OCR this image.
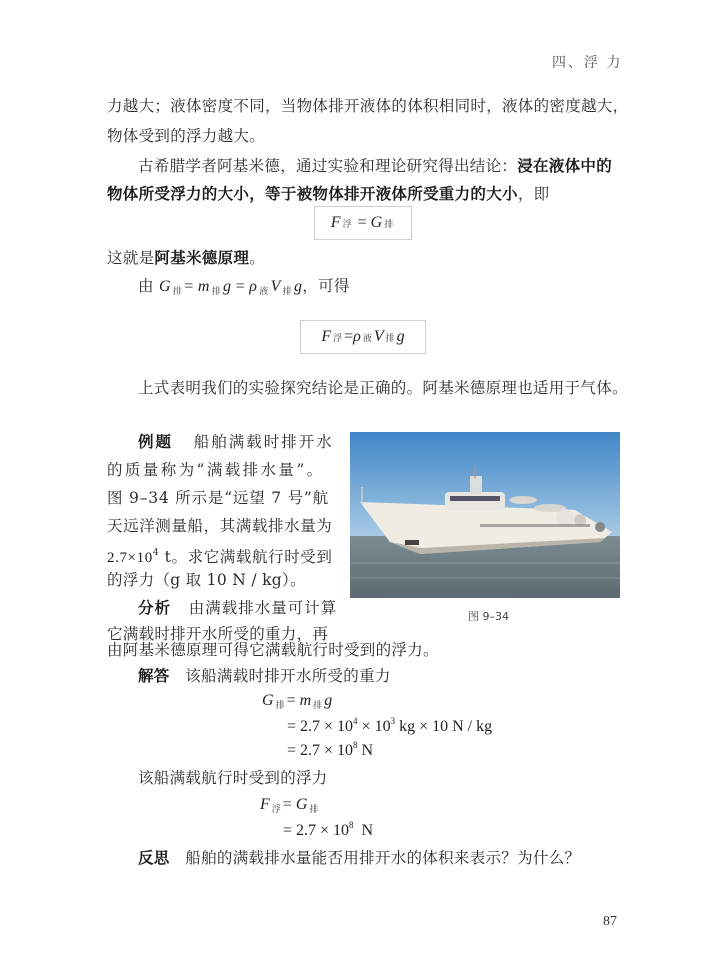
四、浮 力
力越大；液体密度不同，当物体排开液体的体积相同时，液体的密度越大，
物体受到的浮力越大。
古希腊学者阿基米德，通过实验和理论研究得出结论：浸在液体中的
物体所受浮力的大小，等于被物体排开液体所受重力的大小，即
F 浮 = G 排
这就是阿基米德原理。
由 G $_排$ = m $_排$ g = ρ $_液$ V $_排$ g，可得
F 浮 = ρ 液 V 排 g
上式表明我们的实验探究结论是正确的。阿基米德原理也适用于气体。
例题 船舶满载时排开水
的质量称为“满载排水量”。
图 9–34 所示是“远望 7 号”航
天远洋测量船，其满载排水量为
$2.7\times 10^4$ t。求它满载航行时受到
的浮力（g 取 10 N / kg）。
分析 由满载排水量可计算
它满载时排开水所受的重力，再
由阿基米德原理可得它满载航行时受到的浮力。
图 9–34
解答 该船满载时排开水所受的重力
G $_排$ = m $_排$ g
= $2.7 \times 10^4 \times 10^3$ kg × 10 N / kg
= $2.7 \times 10^8$ N
该船满载航行时受到的浮力
F $_浮$ = G $_排$
= $2.7 \times 10^8$  N
反思 船舶的满载排水量能否用排开水的体积来表示？为什么？
87
